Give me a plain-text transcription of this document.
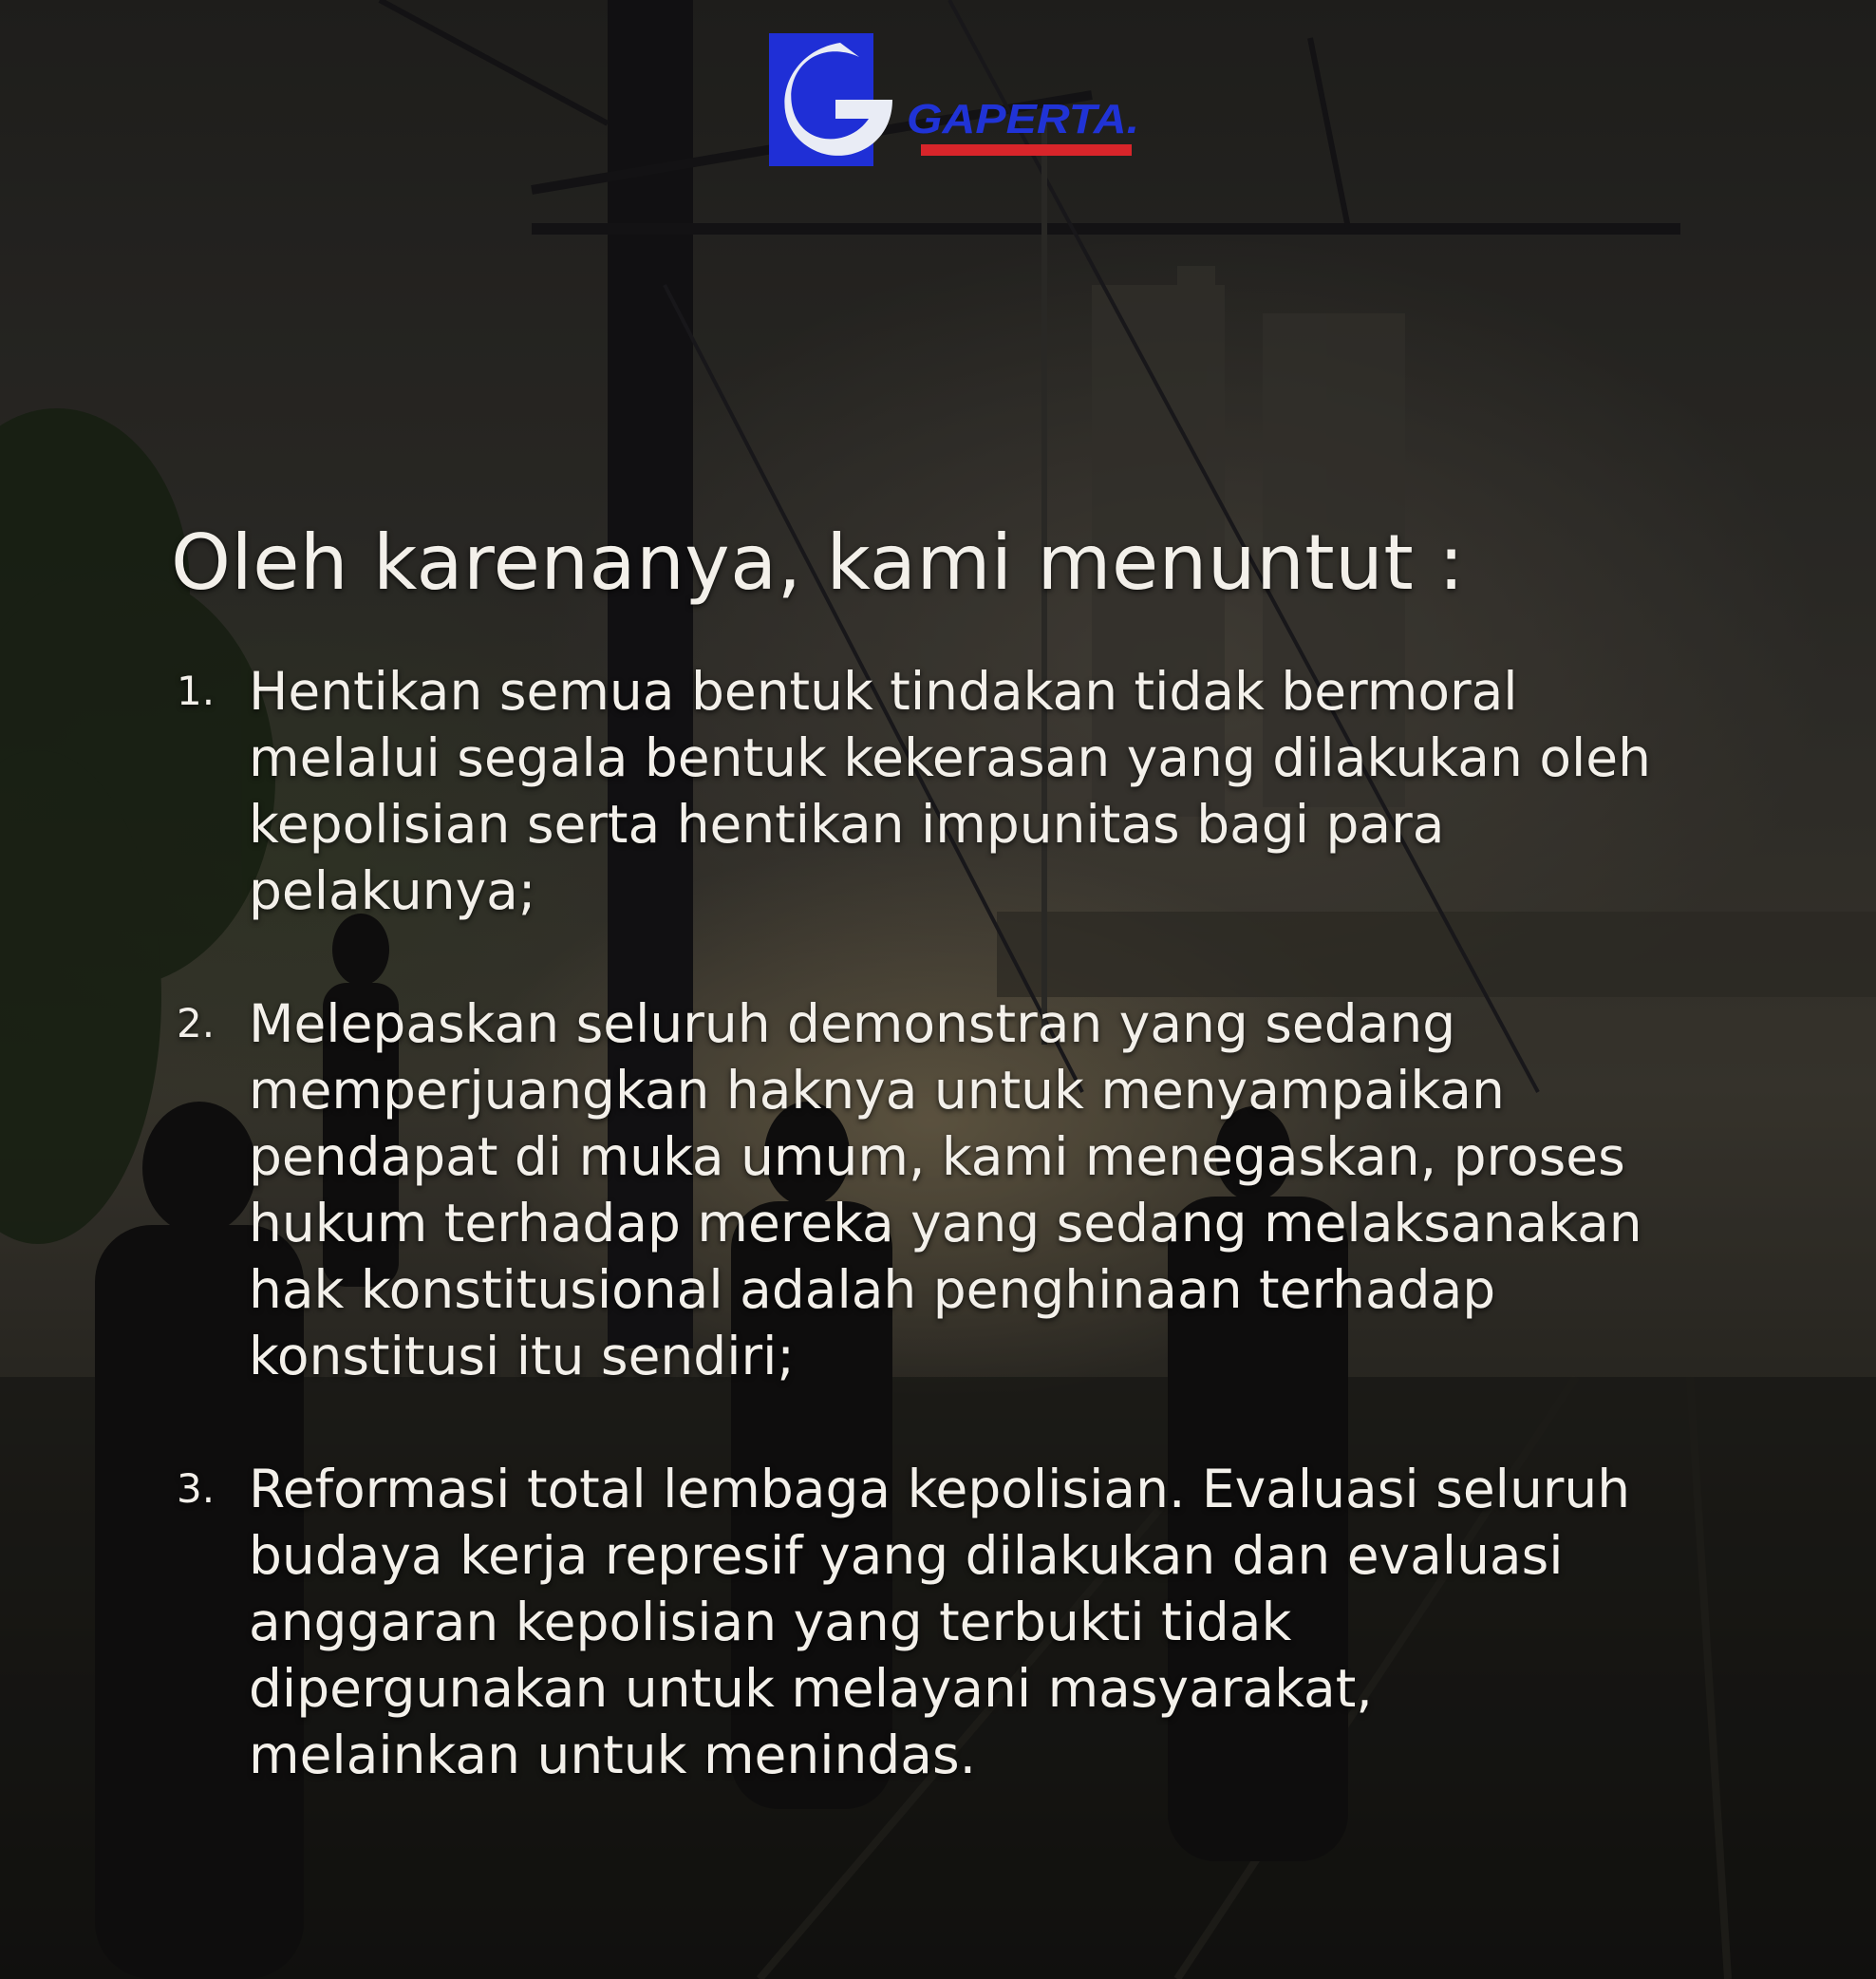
GAPERTA.
Oleh karenanya, kami menuntut :
1. Hentikan semua bentuk tindakan tidak bermoral melalui segala bentuk kekerasan yang dilakukan oleh kepolisian serta hentikan impunitas bagi para pelakunya;
2. Melepaskan seluruh demonstran yang sedang memperjuangkan haknya untuk menyampaikan pendapat di muka umum, kami menegaskan, proses hukum terhadap mereka yang sedang melaksanakan hak konstitusional adalah penghinaan terhadap konstitusi itu sendiri;
3. Reformasi total lembaga kepolisian. Evaluasi seluruh budaya kerja represif yang dilakukan dan evaluasi anggaran kepolisian yang terbukti tidak dipergunakan untuk melayani masyarakat, melainkan untuk menindas.
